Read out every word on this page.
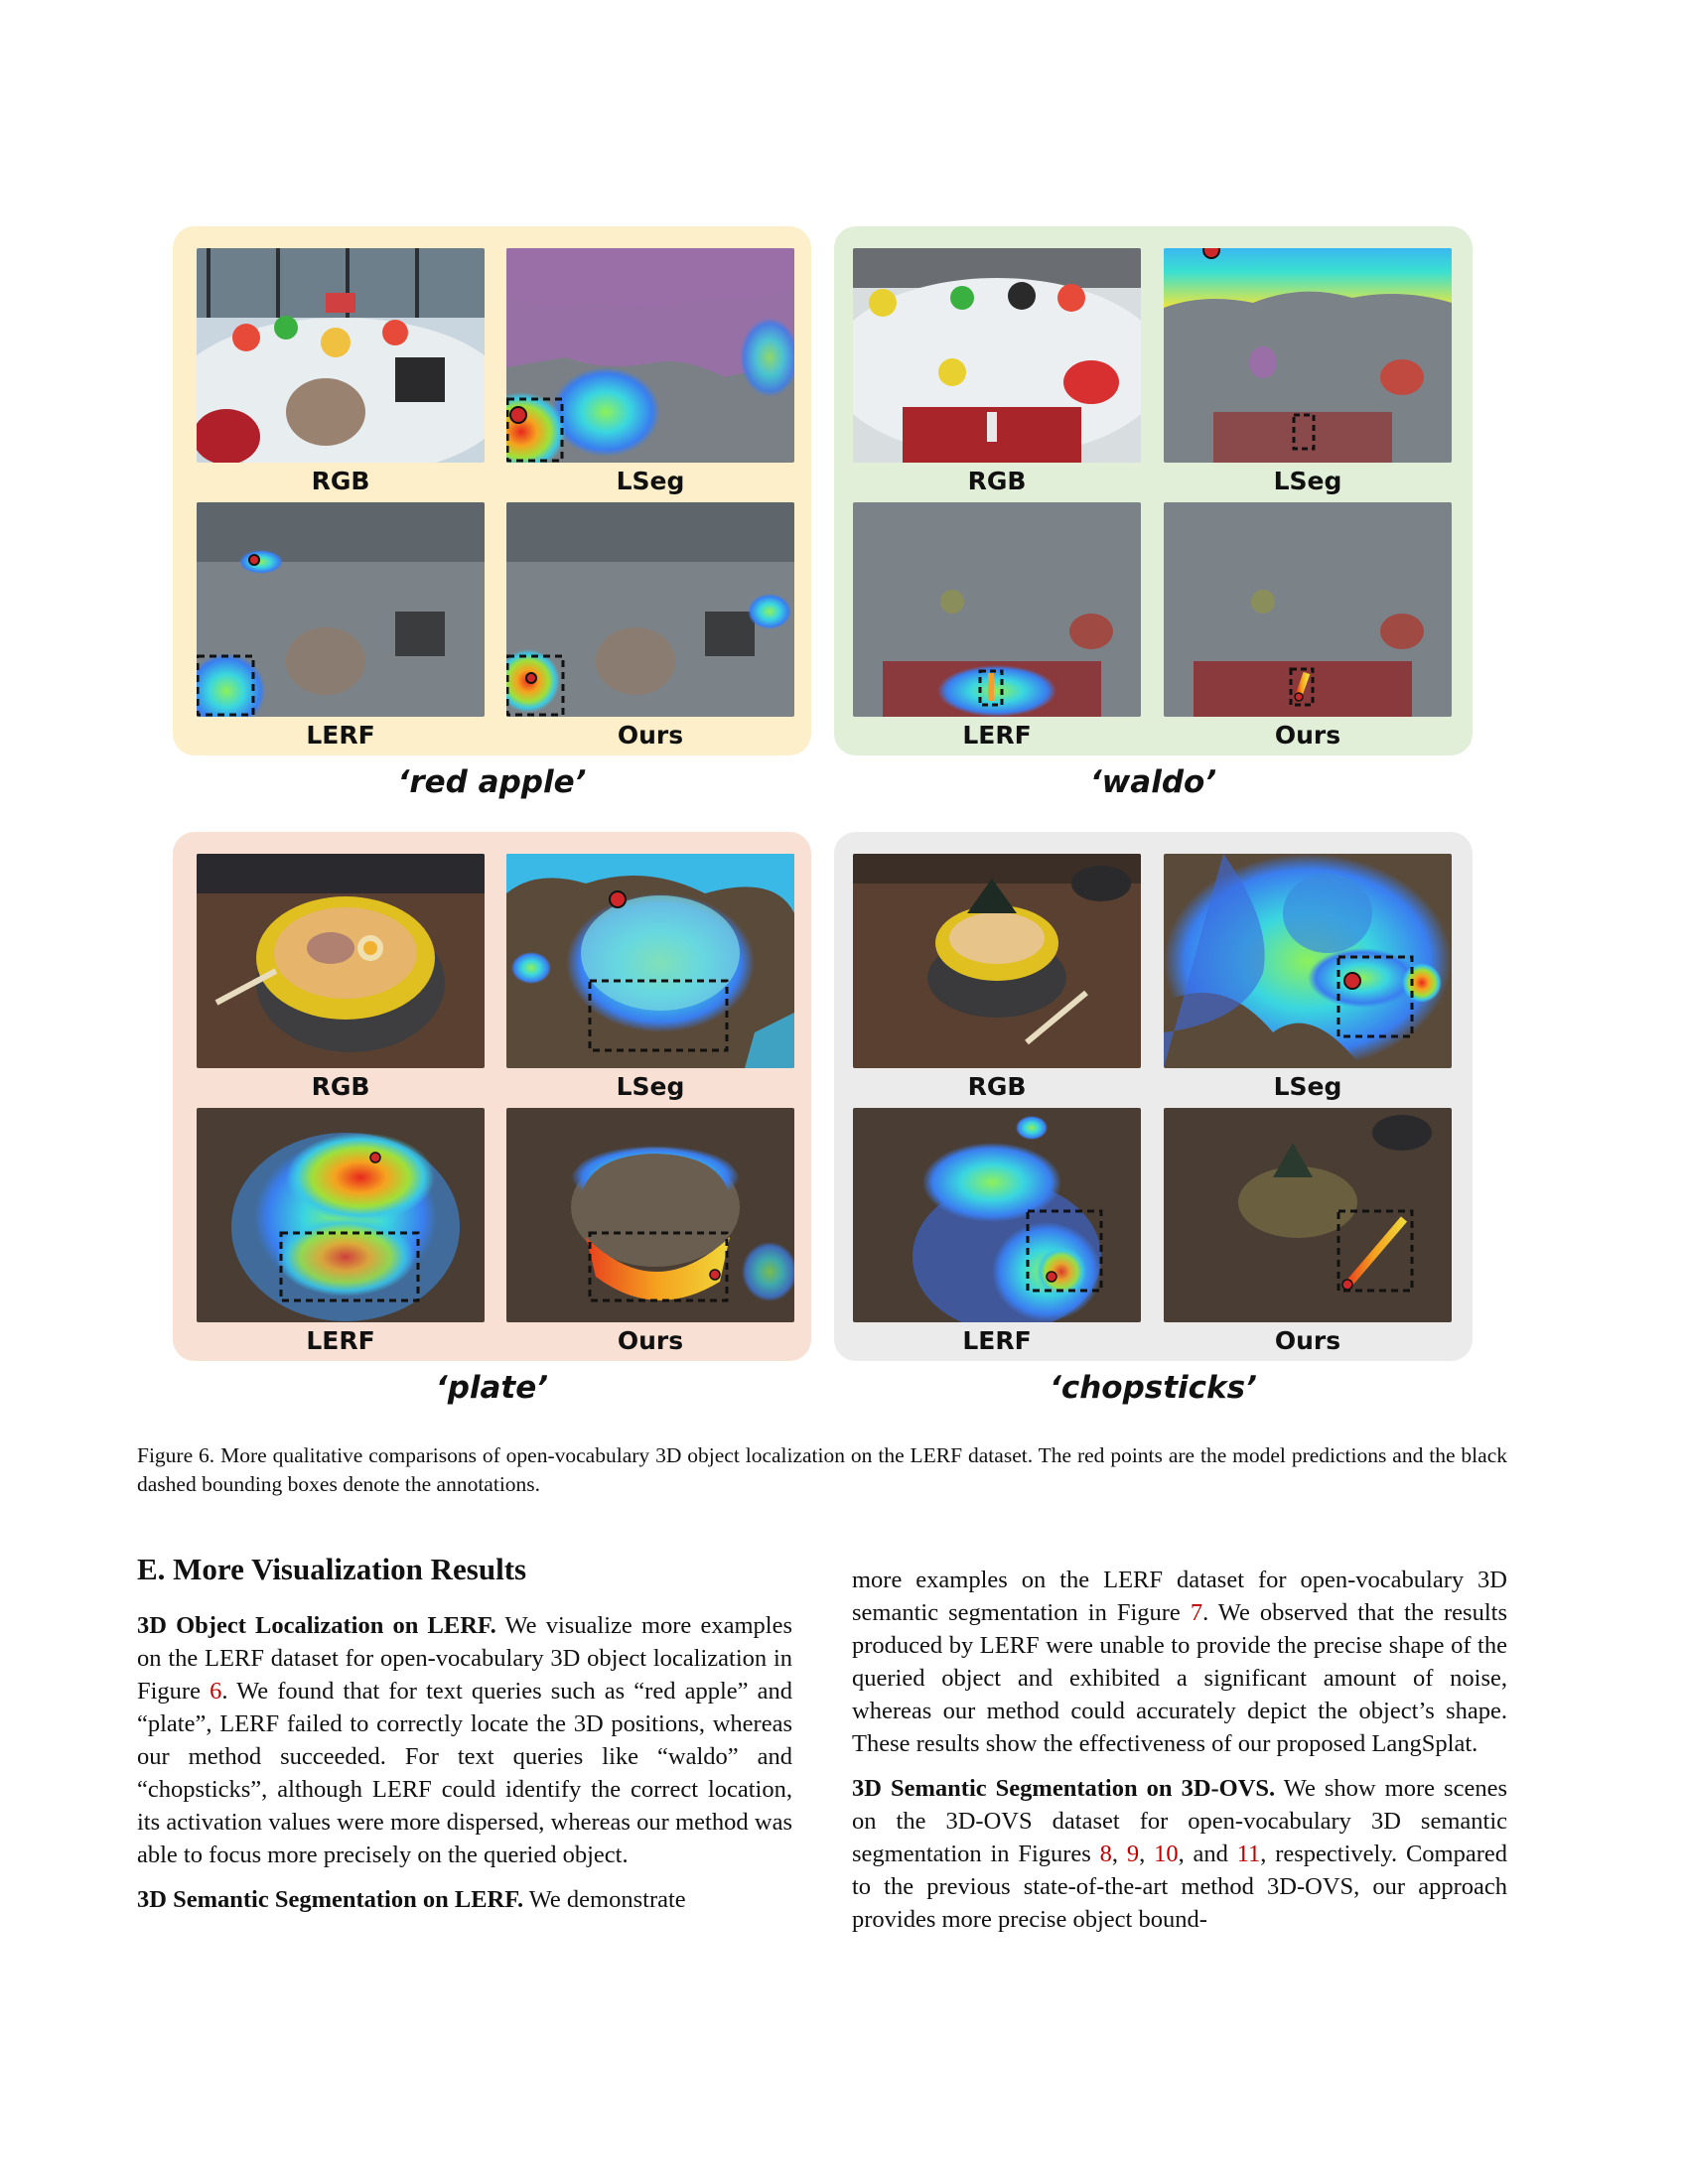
RGB	LSeg
LERF	Ours
‘red apple’
RGB	LSeg
LERF	Ours
‘waldo’
RGB	LSeg
LERF	Ours
‘plate’
RGB	LSeg
LERF	Ours
‘chopsticks’
Figure 6. More qualitative comparisons of open-vocabulary 3D object localization on the LERF dataset. The red points are the model predictions and the black dashed bounding boxes denote the annotations.
E. More Visualization Results

3D Object Localization on LERF. We visualize more examples on the LERF dataset for open-vocabulary 3D object localization in Figure 6. We found that for text queries such as “red apple” and “plate”, LERF failed to correctly locate the 3D positions, whereas our method succeeded. For text queries like “waldo” and “chopsticks”, although LERF could identify the correct location, its activation values were more dispersed, whereas our method was able to focus more precisely on the queried object.

3D Semantic Segmentation on LERF. We demonstrate

more examples on the LERF dataset for open-vocabulary 3D semantic segmentation in Figure 7. We observed that the results produced by LERF were unable to provide the precise shape of the queried object and exhibited a significant amount of noise, whereas our method could accurately depict the object’s shape. These results show the effectiveness of our proposed LangSplat.

3D Semantic Segmentation on 3D-OVS. We show more scenes on the 3D-OVS dataset for open-vocabulary 3D semantic segmentation in Figures 8, 9, 10, and 11, respectively. Compared to the previous state-of-the-art method 3D-OVS, our approach provides more precise object bound-
